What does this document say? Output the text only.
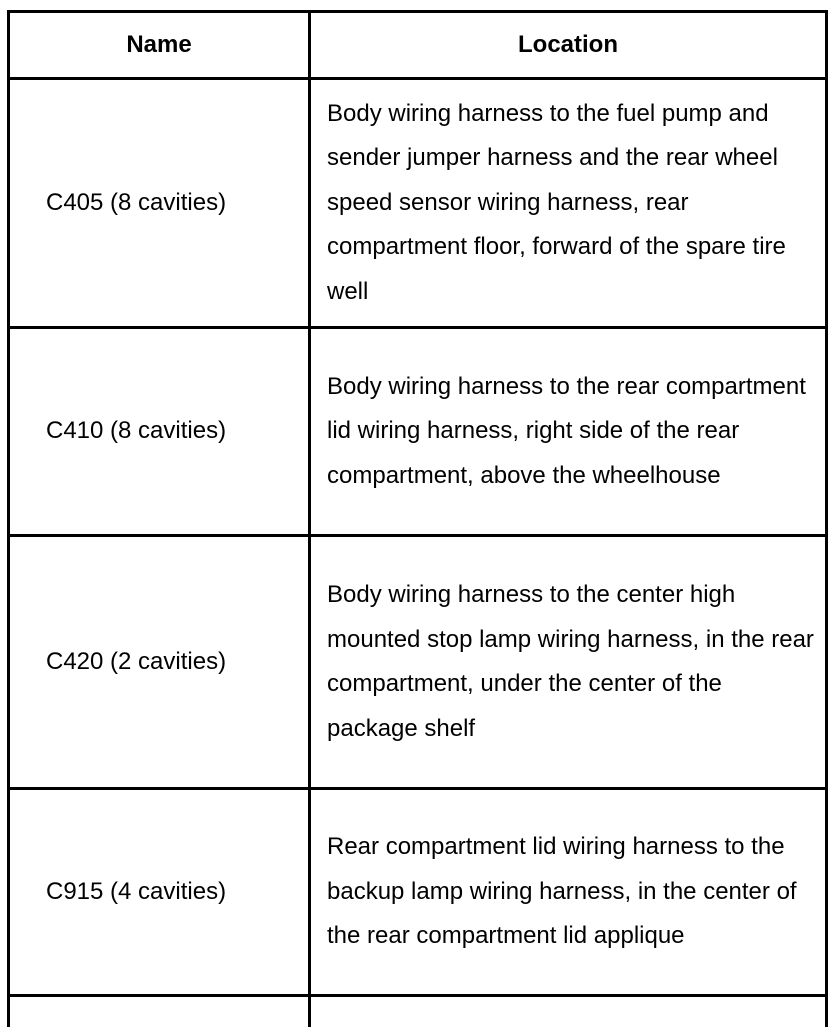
Name	Location
C405 (8 cavities)	Body wiring harness to the fuel pump and sender jumper harness and the rear wheel speed sensor wiring harness, rear compartment floor, forward of the spare tire well
C410 (8 cavities)	Body wiring harness to the rear compartment lid wiring harness, right side of the rear compartment, above the wheelhouse
C420 (2 cavities)	Body wiring harness to the center high mounted stop lamp wiring harness, in the rear compartment, under the center of the package shelf
C915 (4 cavities)	Rear compartment lid wiring harness to the backup lamp wiring harness, in the center of the rear compartment lid applique
